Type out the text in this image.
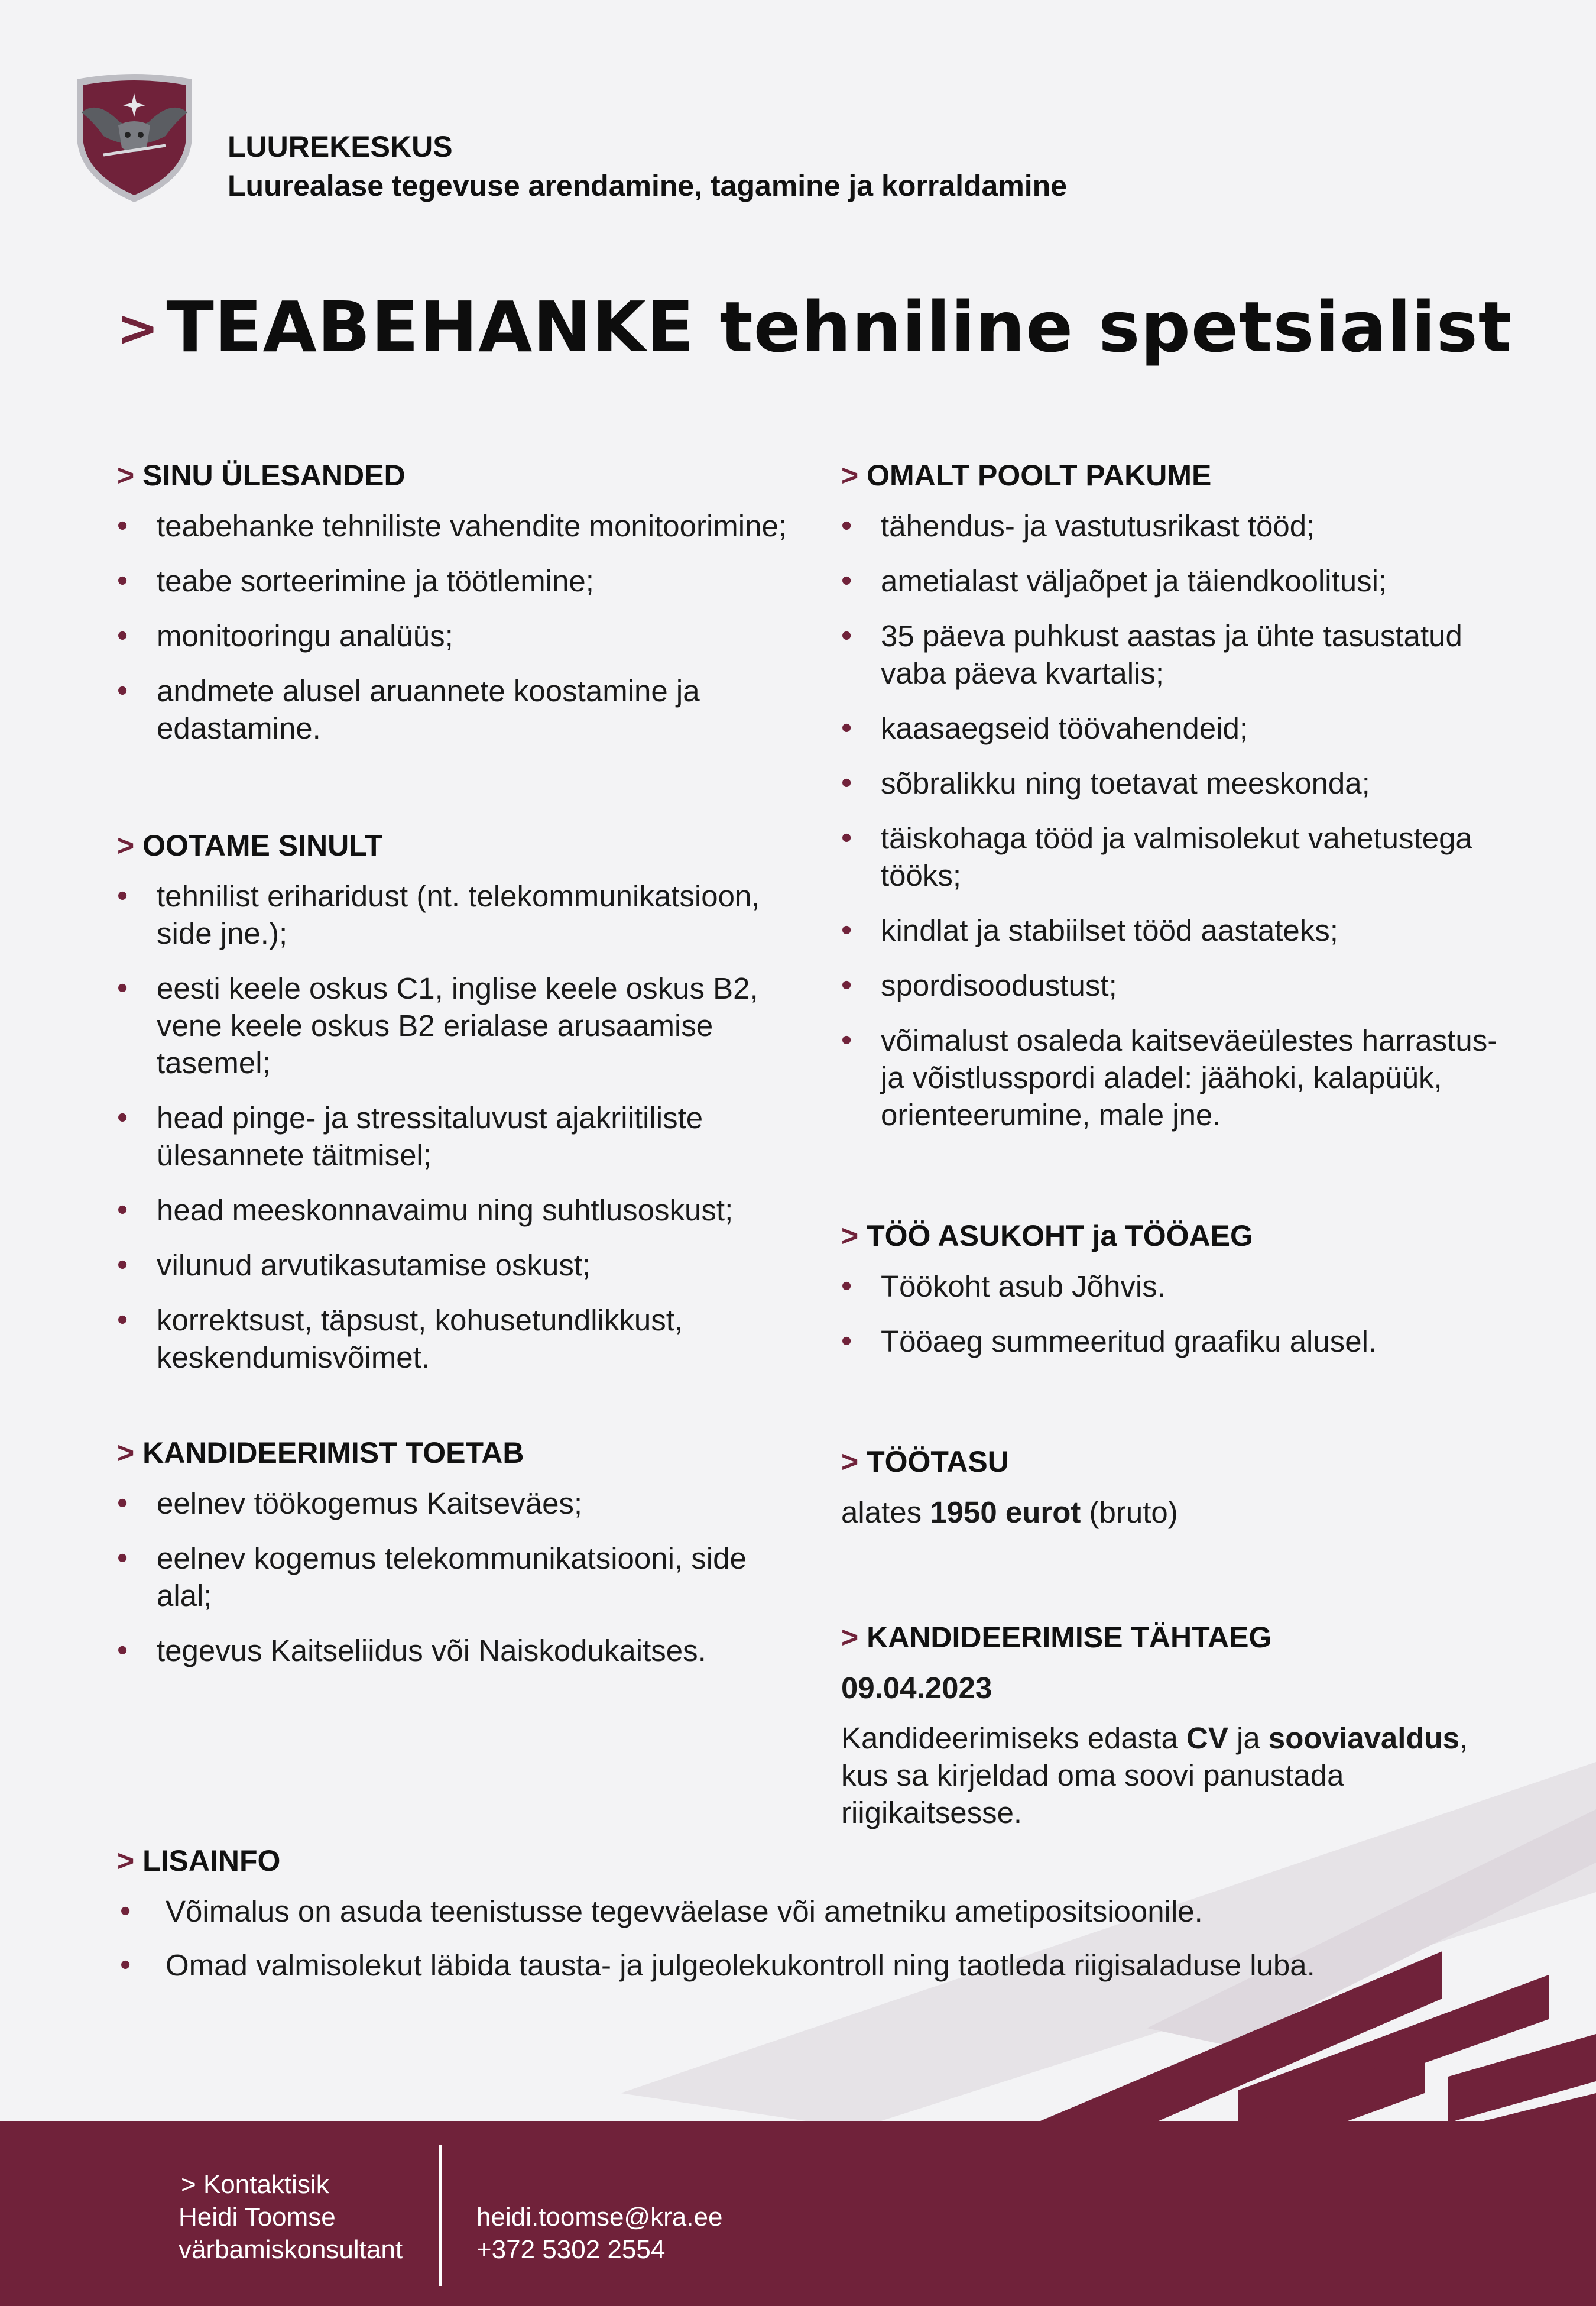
LUUREKESKUS
Luurealase tegevuse arendamine, tagamine ja korraldamine
> TEABEHANKE tehniline spetsialist
> SINU ÜLESANDED
• teabehanke tehniliste vahendite monitoorimine;
• teabe sorteerimine ja töötlemine;
• monitooringu analüüs;
• andmete alusel aruannete koostamine ja edastamine.
> OOTAME SINULT
• tehnilist eriharidust (nt. telekommunikatsioon, side jne.);
• eesti keele oskus C1, inglise keele oskus B2, vene keele oskus B2 erialase arusaamise tasemel;
• head pinge- ja stressitaluvust ajakriitiliste ülesannete täitmisel;
• head meeskonnavaimu ning suhtlusoskust;
• vilunud arvutikasutamise oskust;
• korrektsust, täpsust, kohusetundlikkust, keskendumisvõimet.
> KANDIDEERIMIST TOETAB
• eelnev töökogemus Kaitseväes;
• eelnev kogemus telekommunikatsiooni, side alal;
• tegevus Kaitseliidus või Naiskodukaitses.
> OMALT POOLT PAKUME
• tähendus- ja vastutusrikast tööd;
• ametialast väljaõpet ja täiendkoolitusi;
• 35 päeva puhkust aastas ja ühte tasustatud vaba päeva kvartalis;
• kaasaegseid töövahendeid;
• sõbralikku ning toetavat meeskonda;
• täiskohaga tööd ja valmisolekut vahetustega tööks;
• kindlat ja stabiilset tööd aastateks;
• spordisoodustust;
• võimalust osaleda kaitseväeülestes harrastus- ja võistlusspordi aladel: jäähoki, kalapüük, orienteerumine, male jne.
> TÖÖ ASUKOHT ja TÖÖAEG
• Töökoht asub Jõhvis.
• Tööaeg summeeritud graafiku alusel.
> TÖÖTASU

alates 1950 eurot (bruto)

> KANDIDEERIMISE TÄHTAEG

09.04.2023

Kandideerimiseks edasta CV ja sooviavaldus, kus sa kirjeldad oma soovi panustada riigikaitsesse.

> LISAINFO
• Võimalus on asuda teenistusse tegevväelase või ametniku ametipositsioonile.
• Omad valmisolekut läbida tausta- ja julgeolekukontroll ning taotleda riigisaladuse luba.
> Kontaktisik
Heidi Toomse
värbamiskonsultant
heidi.toomse@kra.ee
+372 5302 2554
